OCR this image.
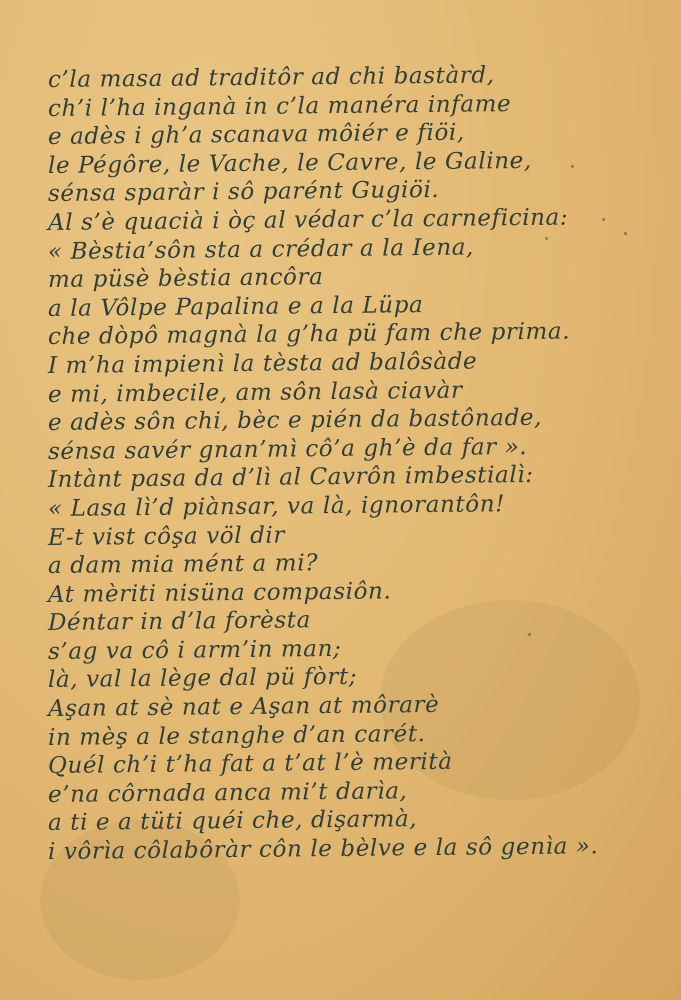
c’la masa ad traditôr ad chi bastàrd,
ch’i l’ha inganà in c’la manéra infame
e adès i gh’a scanava môiér e fiöi,
le Pégôre, le Vache, le Cavre, le Galine,
sénsa sparàr i sô parént Gugiöi.
Al s’è quacià i òç al védar c’la carneficina:
« Bèstia’sôn sta a crédar a la Iena,
ma püsè bèstia ancôra
a la Vôlpe Papalina e a la Lüpa
che dòpô magnà la g’ha pü fam che prima.
I m’ha impienì la tèsta ad balôsàde
e mi, imbecile, am sôn lasà ciavàr
e adès sôn chi, bèc e pién da bastônade,
sénsa savér gnan’mì cô’a gh’è da far ».
Intànt pasa da d’lì al Cavrôn imbestialì:
« Lasa lì’d piànsar, va là, ignorantôn!
E-t vist côşa völ dir
a dam mia mént a mi?
At mèriti nisüna compasiôn.
Déntar in d’la forèsta
s’ag va cô i arm’in man;
là, val la lège dal pü fòrt;
Aşan at sè nat e Aşan at môrarè
in mèş a le stanghe d’an carét.
Quél ch’i t’ha fat a t’at l’è merità
e’na côrnada anca mi’t darìa,
a ti e a tüti quéi che, dişarmà,
i vôrìa côlabôràr côn le bèlve e la sô genìa ».
